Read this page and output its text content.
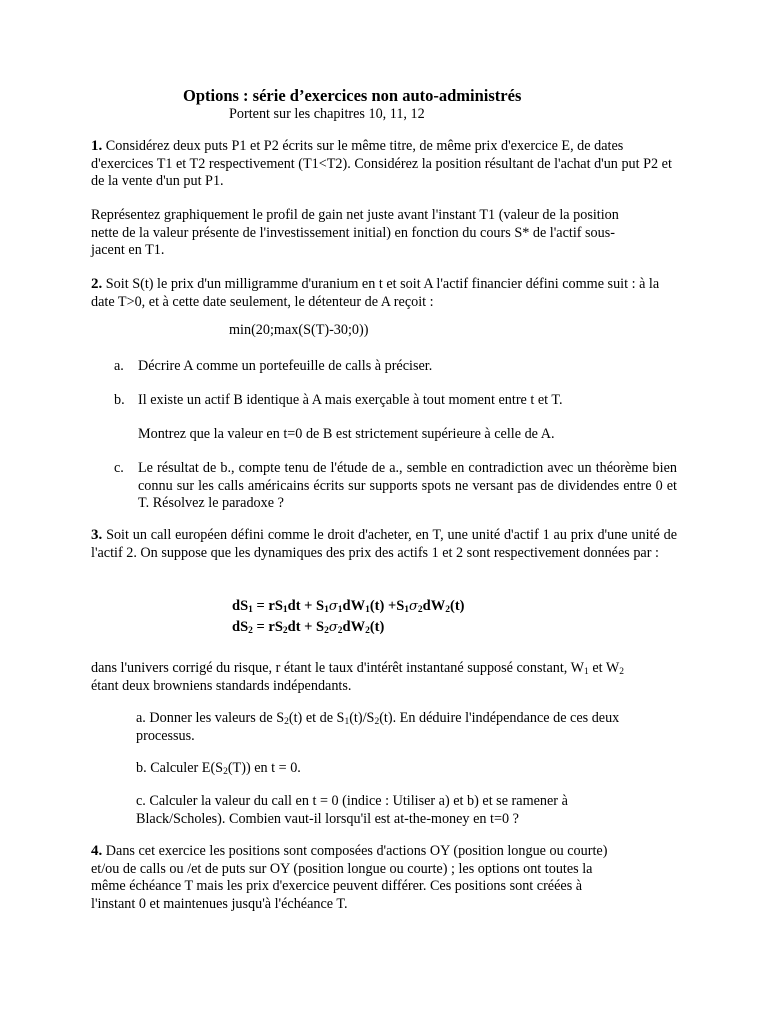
Options : série d’exercices non auto-administrés
Portent sur les chapitres 10, 11, 12

1. Considérez deux puts P1 et P2 écrits sur le même titre, de même prix d'exercice E, de dates d'exercices T1 et T2 respectivement (T1<T2). Considérez la position résultant de l'achat d'un put P2 et de la vente d'un put P1.

Représentez graphiquement le profil de gain net juste avant l'instant T1 (valeur de la position
nette de la valeur présente de l'investissement initial) en fonction du cours S* de l'actif sous-
jacent en T1.

2. Soit S(t) le prix d'un milligramme d'uranium en t et soit A l'actif financier défini comme suit : à la date T>0, et à cette date seulement, le détenteur de A reçoit :

min(20;max(S(T)-30;0))
a. Décrire A comme un portefeuille de calls à préciser.
b. Il existe un actif B identique à A mais exerçable à tout moment entre t et T.
Montrez que la valeur en t=0 de B est strictement supérieure à celle de A.
c. Le résultat de b., compte tenu de l'étude de a., semble en contradiction avec un théorème bien connu sur les calls américains écrits sur supports spots ne versant pas de dividendes entre 0 et T. Résolvez le paradoxe ?

3. Soit un call européen défini comme le droit d'acheter, en T, une unité d'actif 1 au prix d'une unité de l'actif 2. On suppose que les dynamiques des prix des actifs 1 et 2 sont respectivement données par :

$dS_1 = rS_1dt + S_1\sigma_1dW_1(t) +S_1\sigma_2dW_2(t)$
$dS_2 = rS_2dt + S_2\sigma_2dW_2(t)$
dans l'univers corrigé du risque, r étant le taux d'intérêt instantané supposé constant, $W_1$ et $W_2$
étant deux browniens standards indépendants.

a. Donner les valeurs de $S_2(t)$ et de $S_1(t)/S_2(t)$. En déduire l'indépendance de ces deux processus.

b. Calculer $E(S_2(T))$ en t = 0.

c. Calculer la valeur du call en t = 0 (indice : Utiliser a) et b) et se ramener à
Black/Scholes). Combien vaut-il lorsqu'il est at-the-money en t=0 ?
4. Dans cet exercice les positions sont composées d'actions OY (position longue ou courte)
et/ou de calls ou /et de puts sur OY (position longue ou courte) ; les options ont toutes la
même échéance T mais les prix d'exercice peuvent différer. Ces positions sont créées à
l'instant 0 et maintenues jusqu'à l'échéance T.
